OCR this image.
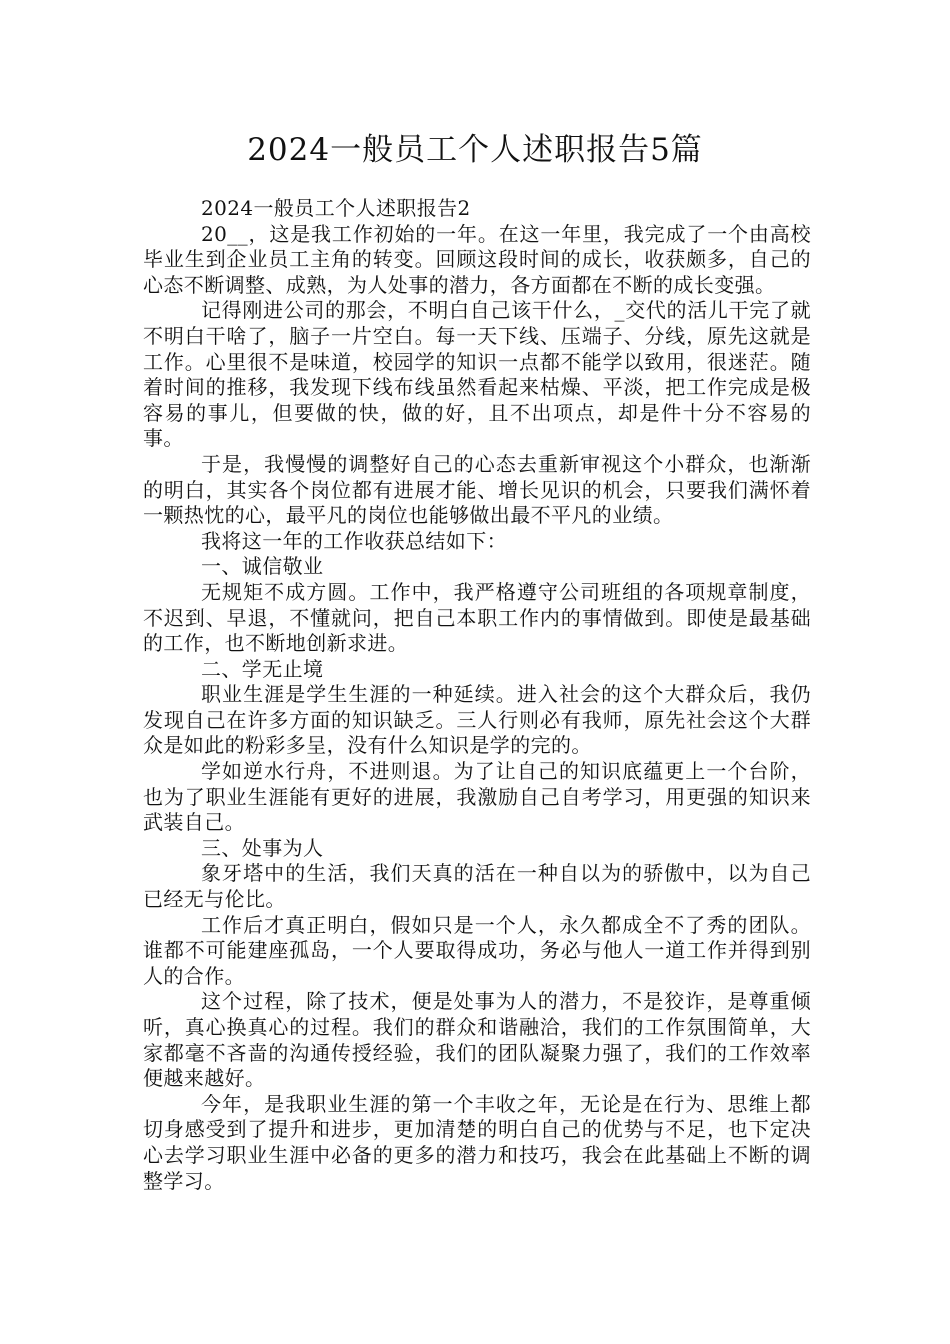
2024一般员工个人述职报告5篇

2024一般员工个人述职报告2

20__，这是我工作初始的一年。在这一年里，我完成了一个由高校毕业生到企业员工主角的转变。回顾这段时间的成长，收获颇多，自己的心态不断调整、成熟，为人处事的潜力，各方面都在不断的成长变强。

记得刚进公司的那会，不明白自己该干什么，_交代的活儿干完了就不明白干啥了，脑子一片空白。每一天下线、压端子、分线，原先这就是工作。心里很不是味道，校园学的知识一点都不能学以致用，很迷茫。随着时间的推移，我发现下线布线虽然看起来枯燥、平淡，把工作完成是极容易的事儿，但要做的快，做的好，且不出项点，却是件十分不容易的事。

于是，我慢慢的调整好自己的心态去重新审视这个小群众，也渐渐的明白，其实各个岗位都有进展才能、增长见识的机会，只要我们满怀着一颗热忱的心，最平凡的岗位也能够做出最不平凡的业绩。

我将这一年的工作收获总结如下：

一、诚信敬业

无规矩不成方圆。工作中，我严格遵守公司班组的各项规章制度，不迟到、早退，不懂就问，把自己本职工作内的事情做到。即使是最基础的工作，也不断地创新求进。

二、学无止境

职业生涯是学生生涯的一种延续。进入社会的这个大群众后，我仍发现自己在许多方面的知识缺乏。三人行则必有我师，原先社会这个大群众是如此的粉彩多呈，没有什么知识是学的完的。

学如逆水行舟，不进则退。为了让自己的知识底蕴更上一个台阶，也为了职业生涯能有更好的进展，我激励自己自考学习，用更强的知识来武装自己。

三、处事为人

象牙塔中的生活，我们天真的活在一种自以为的骄傲中，以为自己已经无与伦比。

工作后才真正明白，假如只是一个人，永久都成全不了秀的团队。谁都不可能建座孤岛，一个人要取得成功，务必与他人一道工作并得到别人的合作。

这个过程，除了技术，便是处事为人的潜力，不是狡诈，是尊重倾听，真心换真心的过程。我们的群众和谐融洽，我们的工作氛围简单，大家都毫不吝啬的沟通传授经验，我们的团队凝聚力强了，我们的工作效率便越来越好。

今年，是我职业生涯的第一个丰收之年，无论是在行为、思维上都切身感受到了提升和进步，更加清楚的明白自己的优势与不足，也下定决心去学习职业生涯中必备的更多的潜力和技巧，我会在此基础上不断的调整学习。
